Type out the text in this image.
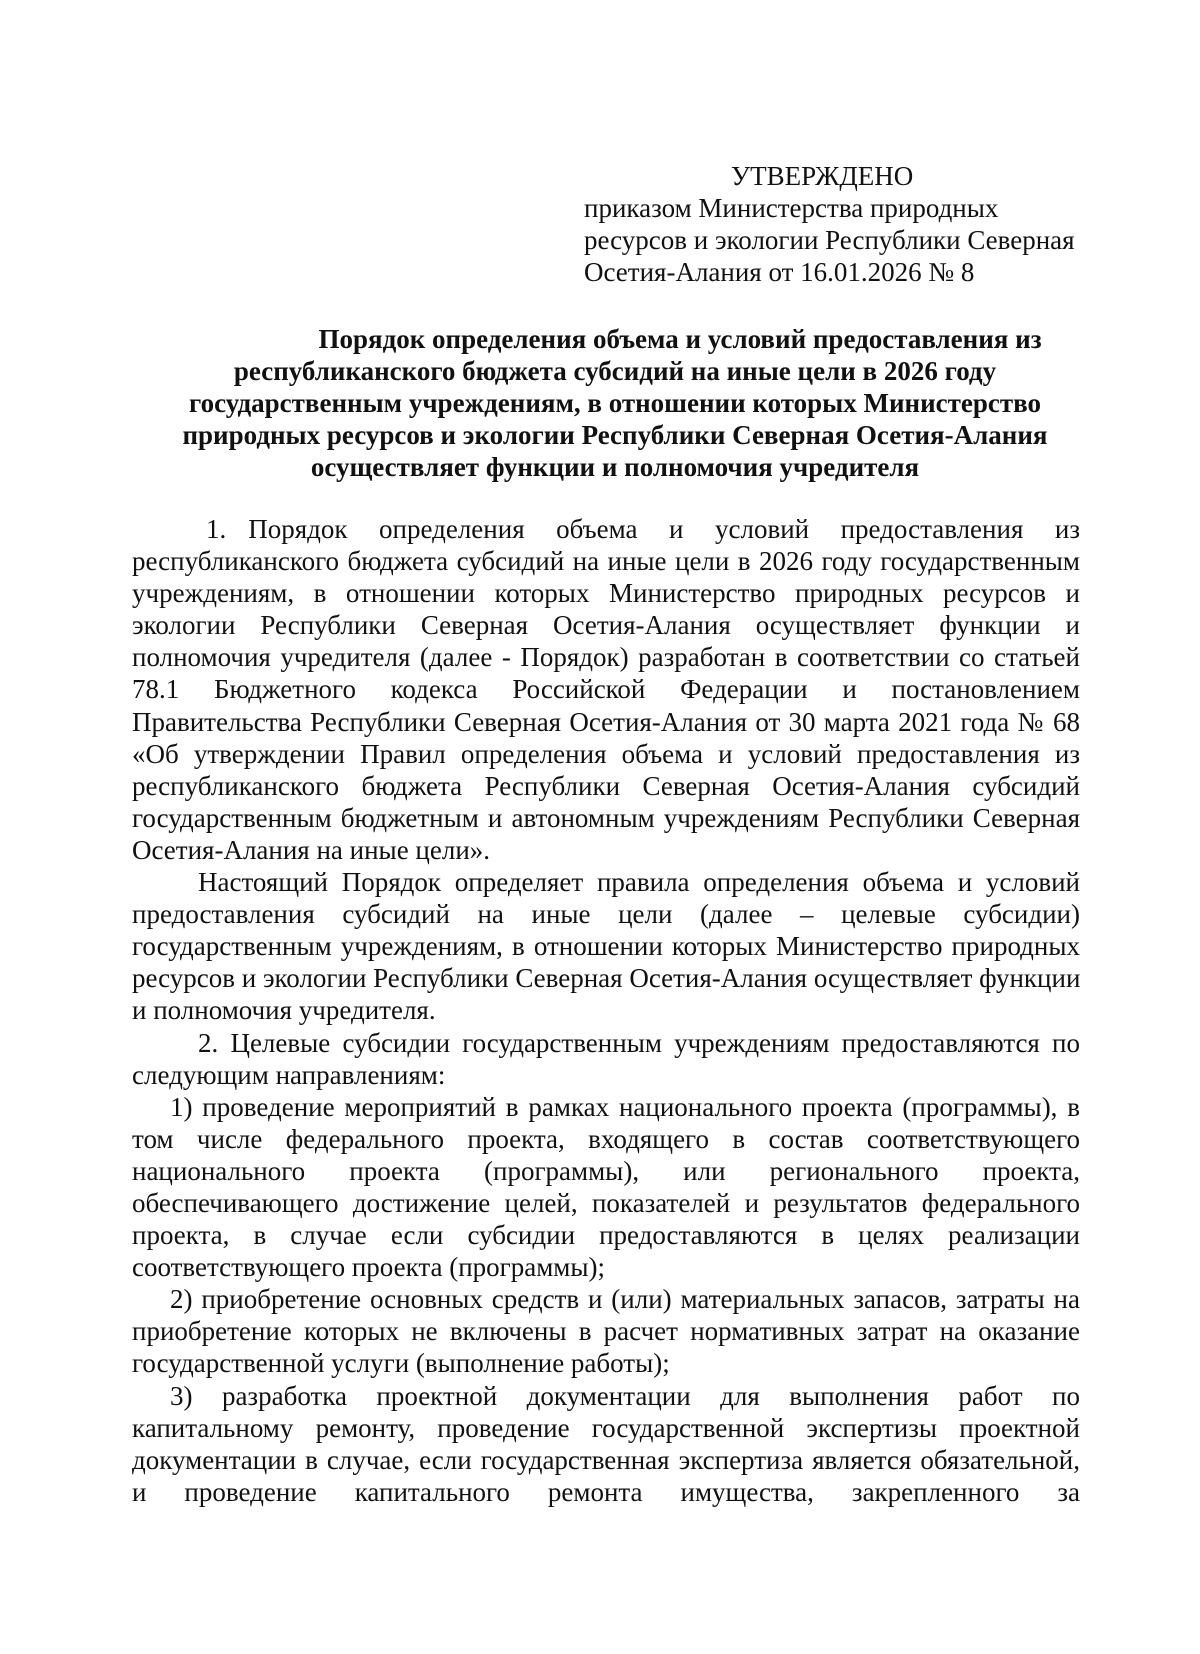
УТВЕРЖДЕНО
приказом Министерства природных
ресурсов и экологии Республики Северная
Осетия-Алания от 16.01.2026 № 8
Порядок определения объема и условий предоставления из
республиканского бюджета субсидий на иные цели в 2026 году
государственным учреждениям, в отношении которых Министерство
природных ресурсов и экологии Республики Северная Осетия-Алания
осуществляет функции и полномочия учредителя
1. Порядок определения объема и условий предоставления из
республиканского бюджета субсидий на иные цели в 2026 году государственным
учреждениям, в отношении которых Министерство природных ресурсов и
экологии Республики Северная Осетия-Алания осуществляет функции и
полномочия учредителя (далее - Порядок) разработан в соответствии со статьей
78.1 Бюджетного кодекса Российской Федерации и постановлением
Правительства Республики Северная Осетия-Алания от 30 марта 2021 года № 68
«Об утверждении Правил определения объема и условий предоставления из
республиканского бюджета Республики Северная Осетия-Алания субсидий
государственным бюджетным и автономным учреждениям Республики Северная
Осетия-Алания на иные цели».
Настоящий Порядок определяет правила определения объема и условий
предоставления субсидий на иные цели (далее – целевые субсидии)
государственным учреждениям, в отношении которых Министерство природных
ресурсов и экологии Республики Северная Осетия-Алания осуществляет функции
и полномочия учредителя.
2. Целевые субсидии государственным учреждениям предоставляются по
следующим направлениям:
1) проведение мероприятий в рамках национального проекта (программы), в
том числе федерального проекта, входящего в состав соответствующего
национального проекта (программы), или регионального проекта,
обеспечивающего достижение целей, показателей и результатов федерального
проекта, в случае если субсидии предоставляются в целях реализации
соответствующего проекта (программы);
2) приобретение основных средств и (или) материальных запасов, затраты на
приобретение которых не включены в расчет нормативных затрат на оказание
государственной услуги (выполнение работы);
3) разработка проектной документации для выполнения работ по
капитальному ремонту, проведение государственной экспертизы проектной
документации в случае, если государственная экспертиза является обязательной,
и проведение капитального ремонта имущества, закрепленного за
